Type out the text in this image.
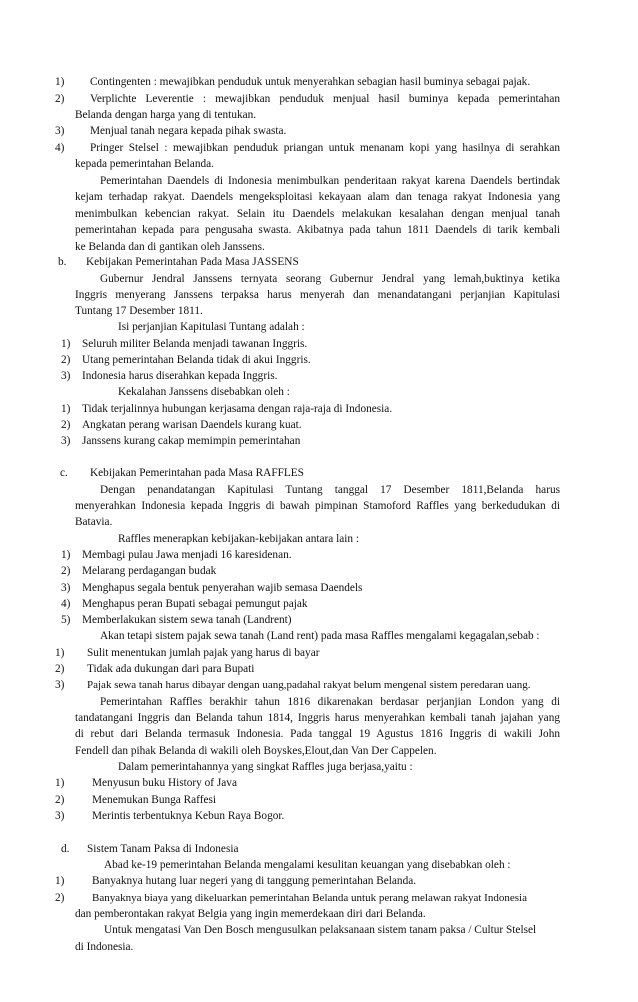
1) Contingenten : mewajibkan penduduk untuk menyerahkan sebagian hasil buminya sebagai pajak.
2) Verplichte Leverentie : mewajibkan penduduk menjual hasil buminya kepada pemerintahan
Belanda dengan harga yang di tentukan.
3) Menjual tanah negara kepada pihak swasta.
4) Pringer Stelsel : mewajibkan penduduk priangan untuk menanam kopi yang hasilnya di serahkan
kepada pemerintahan Belanda.
Pemerintahan Daendels di Indonesia menimbulkan penderitaan rakyat karena Daendels bertindak
kejam terhadap rakyat. Daendels mengeksploitasi kekayaan alam dan tenaga rakyat Indonesia yang
menimbulkan kebencian rakyat. Selain itu Daendels melakukan kesalahan dengan menjual tanah
pemerintahan kepada para pengusaha swasta. Akibatnya pada tahun 1811 Daendels di tarik kembali
ke Belanda dan di gantikan oleh Janssens.
b. Kebijakan Pemerintahan Pada Masa JASSENS
Gubernur Jendral Janssens ternyata seorang Gubernur Jendral yang lemah,buktinya ketika
Inggris menyerang Janssens terpaksa harus menyerah dan menandatangani perjanjian Kapitulasi
Tuntang 17 Desember 1811.
Isi perjanjian Kapitulasi Tuntang adalah :
1) Seluruh militer Belanda menjadi tawanan Inggris.
2) Utang pemerintahan Belanda tidak di akui Inggris.
3) Indonesia harus diserahkan kepada Inggris.
Kekalahan Janssens disebabkan oleh :
1) Tidak terjalinnya hubungan kerjasama dengan raja-raja di Indonesia.
2) Angkatan perang warisan Daendels kurang kuat.
3) Janssens kurang cakap memimpin pemerintahan
c. Kebijakan Pemerintahan pada Masa RAFFLES
Dengan penandatangan Kapitulasi Tuntang tanggal 17 Desember 1811,Belanda harus
menyerahkan Indonesia kepada Inggris di bawah pimpinan Stamoford Raffles yang berkedudukan di
Batavia.
Raffles menerapkan kebijakan-kebijakan antara lain :
1) Membagi pulau Jawa menjadi 16 karesidenan.
2) Melarang perdagangan budak
3) Menghapus segala bentuk penyerahan wajib semasa Daendels
4) Menghapus peran Bupati sebagai pemungut pajak
5) Memberlakukan sistem sewa tanah (Landrent)
Akan tetapi sistem pajak sewa tanah (Land rent) pada masa Raffles mengalami kegagalan,sebab :
1) Sulit menentukan jumlah pajak yang harus di bayar
2) Tidak ada dukungan dari para Bupati
3) Pajak sewa tanah harus dibayar dengan uang,padahal rakyat belum mengenal sistem peredaran uang.
Pemerintahan Raffles berakhir tahun 1816 dikarenakan berdasar perjanjian London yang di
tandatangani Inggris dan Belanda tahun 1814, Inggris harus menyerahkan kembali tanah jajahan yang
di rebut dari Belanda termasuk Indonesia. Pada tanggal 19 Agustus 1816 Inggris di wakili John
Fendell dan pihak Belanda di wakili oleh Boyskes,Elout,dan Van Der Cappelen.
Dalam pemerintahannya yang singkat Raffles juga berjasa,yaitu :
1) Menyusun buku History of Java
2) Menemukan Bunga Raffesi
3) Merintis terbentuknya Kebun Raya Bogor.
d. Sistem Tanam Paksa di Indonesia
Abad ke-19 pemerintahan Belanda mengalami kesulitan keuangan yang disebabkan oleh :
1) Banyaknya hutang luar negeri yang di tanggung pemerintahan Belanda.
2)	Banyaknya biaya yang dikeluarkan pemerintahan Belanda untuk perang melawan rakyat Indonesia
dan pemberontakan rakyat Belgia yang ingin memerdekaan diri dari Belanda.
Untuk mengatasi Van Den Bosch mengusulkan pelaksanaan sistem tanam paksa / Cultur Stelsel
di Indonesia.
